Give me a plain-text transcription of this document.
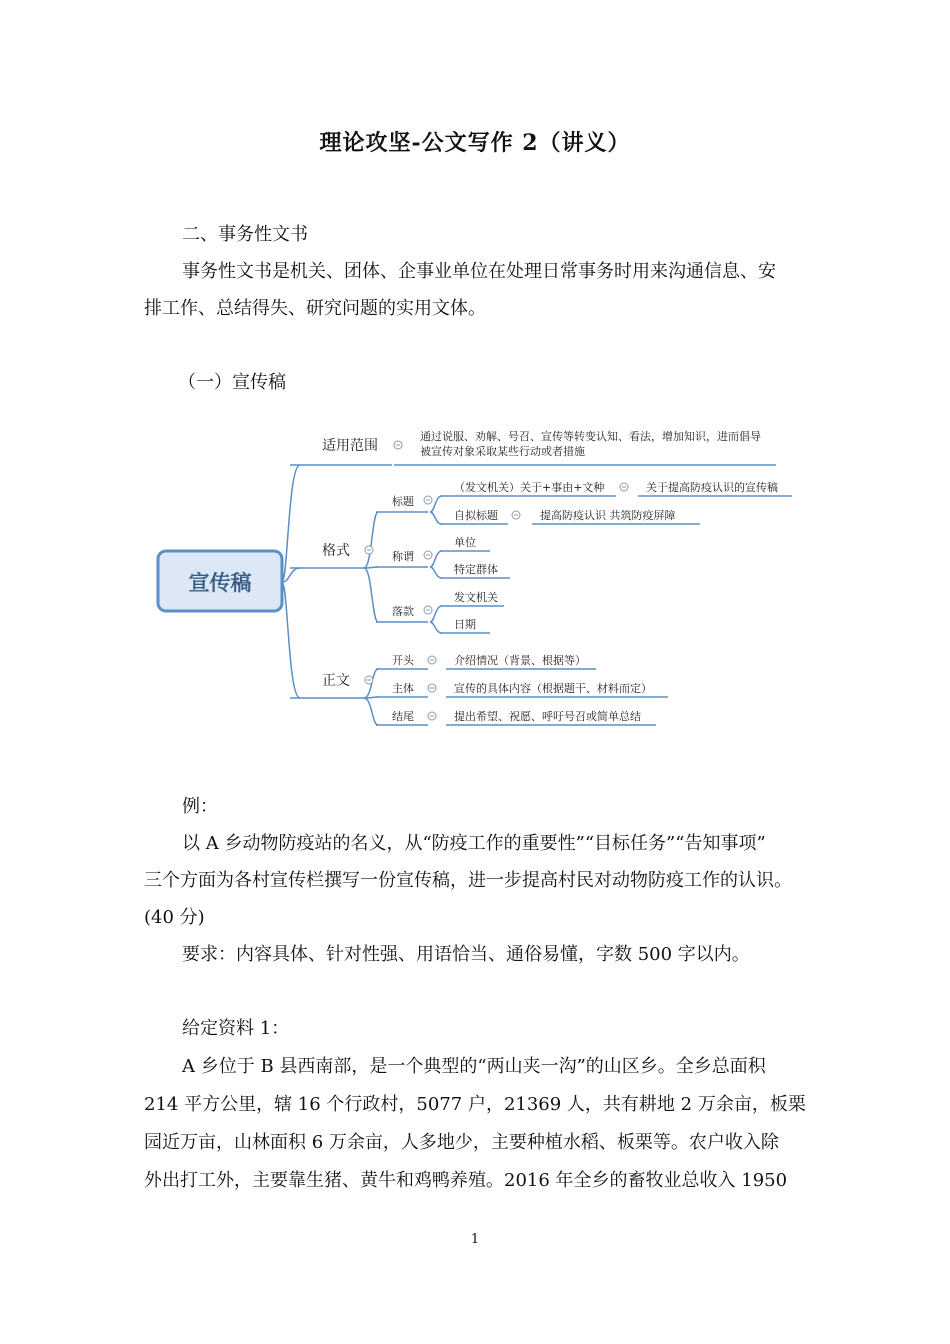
理论攻坚-公文写作 2（讲义）
二、事务性文书
事务性文书是机关、团体、企事业单位在处理日常事务时用来沟通信息、安
排工作、总结得失、研究问题的实用文体。
（一）宣传稿
宣传稿
适用范围
格式
正文
通过说服、劝解、号召、宣传等转变认知、看法，增加知识，进而倡导
被宣传对象采取某些行动或者措施
标题
称谓
落款
（发文机关）关于+事由+文种	关于提高防疫认识的宣传稿
自拟标题	提高防疫认识 共筑防疫屏障
单位
特定群体
发文机关
日期
开头
主体
结尾
介绍情况（背景、根据等）
宣传的具体内容（根据题干、材料而定）
提出希望、祝愿、呼吁号召或简单总结
例：
以 A 乡动物防疫站的名义，从“防疫工作的重要性”“目标任务”“告知事项”
三个方面为各村宣传栏撰写一份宣传稿，进一步提高村民对动物防疫工作的认识。
(40 分)
要求：内容具体、针对性强、用语恰当、通俗易懂，字数 500 字以内。
给定资料 1：
A 乡位于 B 县西南部，是一个典型的“两山夹一沟”的山区乡。全乡总面积
214 平方公里，辖 16 个行政村，5077 户，21369 人，共有耕地 2 万余亩，板栗
园近万亩，山林面积 6 万余亩，人多地少，主要种植水稻、板栗等。农户收入除
外出打工外，主要靠生猪、黄牛和鸡鸭养殖。2016 年全乡的畜牧业总收入 1950
1
